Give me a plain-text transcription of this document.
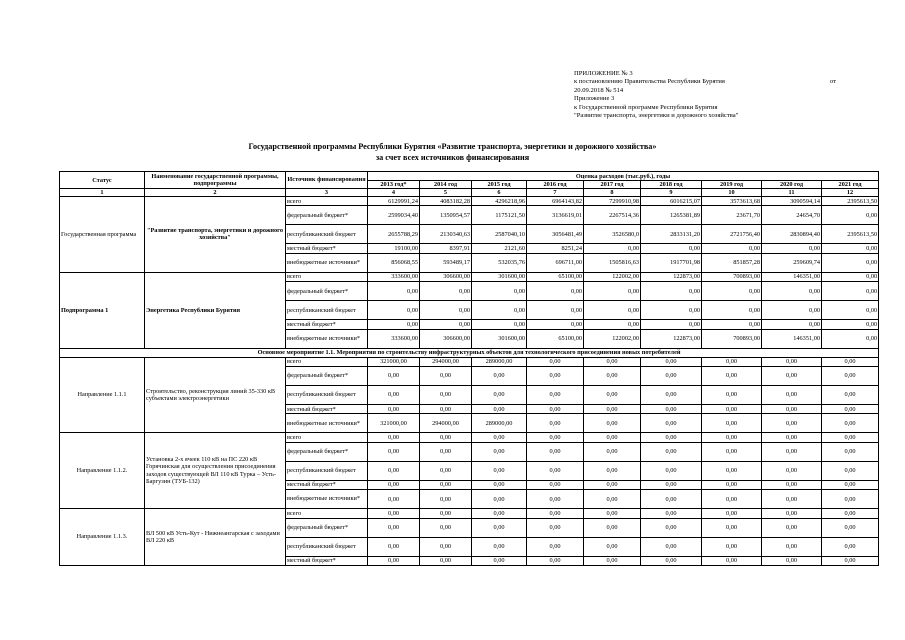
ПРИЛОЖЕНИЕ № 3
к постановлению Правительства Республики Бурятия	от
20.09.2018 № 514
Приложение 3
к Государственной программе Республики Бурятия
"Развитие транспорта, энергетики и дорожного хозяйства"
Государственной программы Республики Бурятия «Развитие транспорта, энергетики и дорожного хозяйства»
за счет всех источников финансирования
Статус	Наименование государственной программы, подпрограммы	Источник финансирования	Оценка расходов (тыс.руб.), годы								
			2013 год*	2014 год	2015 год	2016 год	2017 год	2018 год	2019 год	2020 год	2021 год
1	2	3	4	5	6	7	8	9	10	11	12
Государственная программа	"Развитие транспорта, энергетики и дорожного хозяйства"	всего	6129991,24	4083182,28	4296218,96	6964143,82	7299910,98	6016215,07	3573613,68	3090594,14	2395613,50
		федеральный бюджет*	2599034,40	1350954,57	1175121,50	3136619,01	2267514,36	1265381,89	23671,70	24654,70	0,00
		республиканский бюджет	2655788,29	2130340,63	2587040,10	3056481,49	3526580,0	2833131,20	2721756,40	2830894,40	2395613,50
		местный бюджет*	19100,00	8397,91	2121,60	8251,24	0,00	0,00	0,00	0,00	0,00
		внебюджетные источники*	856068,55	593489,17	532035,76	696711,00	1505816,63	1917701,98	851857,28	259609,74	0,00
Подпрограмма 1	Энергетика Республики Бурятия	всего	333600,00	306600,00	301600,00	65100,00	122002,00	122873,00	700893,00	146351,00	0,00
		федеральный бюджет*	0,00	0,00	0,00	0,00	0,00	0,00	0,00	0,00	0,00
		республиканский бюджет	0,00	0,00	0,00	0,00	0,00	0,00	0,00	0,00	0,00
		местный бюджет*	0,00	0,00	0,00	0,00	0,00	0,00	0,00	0,00	0,00
		внебюджетные источники*	333600,00	306600,00	301600,00	65100,00	122002,00	122873,00	700893,00	146351,00	0,00
Основное мероприятие 1.1. Мероприятия по строительству инфраструктурных объектов для технологического присоединения новых потребителей											
Направление 1.1.1	Строительство, реконструкция линий 35-330 кВ субъектами электроэнергетики	всего	321000,00	294000,00	289000,00	0,00	0,00	0,00	0,00	0,00	0,00
		федеральный бюджет*	0,00	0,00	0,00	0,00	0,00	0,00	0,00	0,00	0,00
		республиканский бюджет	0,00	0,00	0,00	0,00	0,00	0,00	0,00	0,00	0,00
		местный бюджет*	0,00	0,00	0,00	0,00	0,00	0,00	0,00	0,00	0,00
		внебюджетные источники*	321000,00	294000,00	289000,00	0,00	0,00	0,00	0,00	0,00	0,00
Направление 1.1.2.	Установка 2-х ячеек 110 кВ на ПС 220 кВ Горячинская для осуществления присоединения заходов существующей ВЛ 110 кВ Турка – Усть-Баргузин (ТУБ-132)	всего	0,00	0,00	0,00	0,00	0,00	0,00	0,00	0,00	0,00
		федеральный бюджет*	0,00	0,00	0,00	0,00	0,00	0,00	0,00	0,00	0,00
		республиканский бюджет	0,00	0,00	0,00	0,00	0,00	0,00	0,00	0,00	0,00
		местный бюджет*	0,00	0,00	0,00	0,00	0,00	0,00	0,00	0,00	0,00
		внебюджетные источники*	0,00	0,00	0,00	0,00	0,00	0,00	0,00	0,00	0,00
Направление 1.1.3.	ВЛ 500 кВ Усть-Кут - Нижнеангарская с заходами ВЛ 220 кВ	всего	0,00	0,00	0,00	0,00	0,00	0,00	0,00	0,00	0,00
		федеральный бюджет*	0,00	0,00	0,00	0,00	0,00	0,00	0,00	0,00	0,00
		республиканский бюджет	0,00	0,00	0,00	0,00	0,00	0,00	0,00	0,00	0,00
		местный бюджет*	0,00	0,00	0,00	0,00	0,00	0,00	0,00	0,00	0,00
